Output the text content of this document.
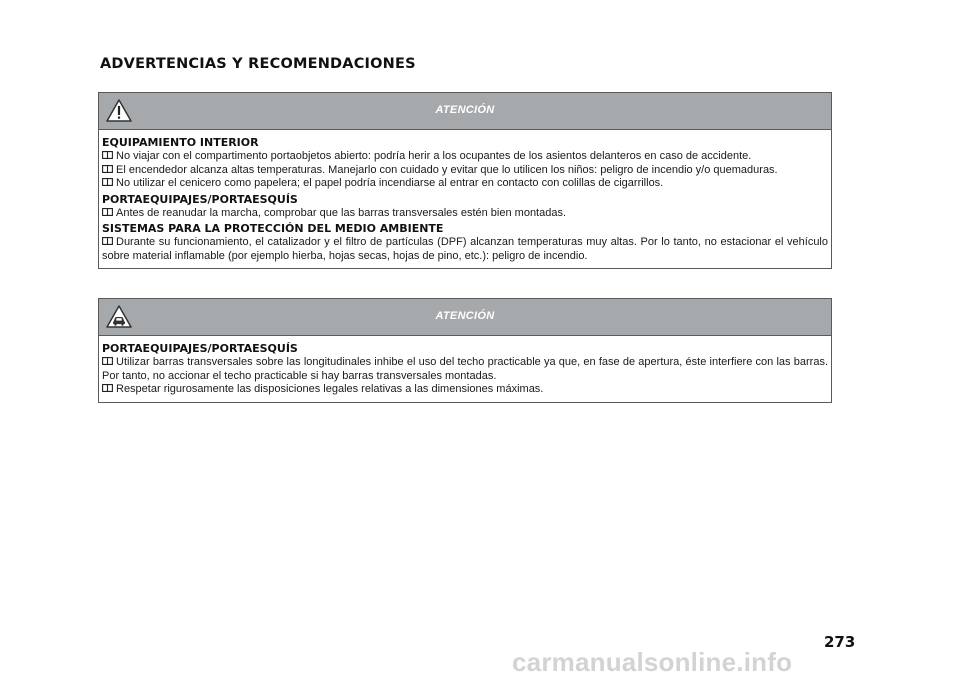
ADVERTENCIAS Y RECOMENDACIONES
ATENCIÓN
EQUIPAMIENTO INTERIOR
No viajar con el compartimento portaobjetos abierto: podría herir a los ocupantes de los asientos delanteros en caso de accidente.
El encendedor alcanza altas temperaturas. Manejarlo con cuidado y evitar que lo utilicen los niños: peligro de incendio y/o quemaduras.
No utilizar el cenicero como papelera; el papel podría incendiarse al entrar en contacto con colillas de cigarrillos.
PORTAEQUIPAJES/PORTAESQUÍS
Antes de reanudar la marcha, comprobar que las barras transversales estén bien montadas.
SISTEMAS PARA LA PROTECCIÓN DEL MEDIO AMBIENTE
Durante su funcionamiento, el catalizador y el filtro de partículas (DPF) alcanzan temperaturas muy altas. Por lo tanto, no estacionar el vehículo sobre material inflamable (por ejemplo hierba, hojas secas, hojas de pino, etc.): peligro de incendio.
ATENCIÓN
PORTAEQUIPAJES/PORTAESQUÍS
Utilizar barras transversales sobre las longitudinales inhibe el uso del techo practicable ya que, en fase de apertura, éste interfiere con las barras. Por tanto, no accionar el techo practicable si hay barras transversales montadas.
Respetar rigurosamente las disposiciones legales relativas a las dimensiones máximas.
273
carmanualsonline.info
